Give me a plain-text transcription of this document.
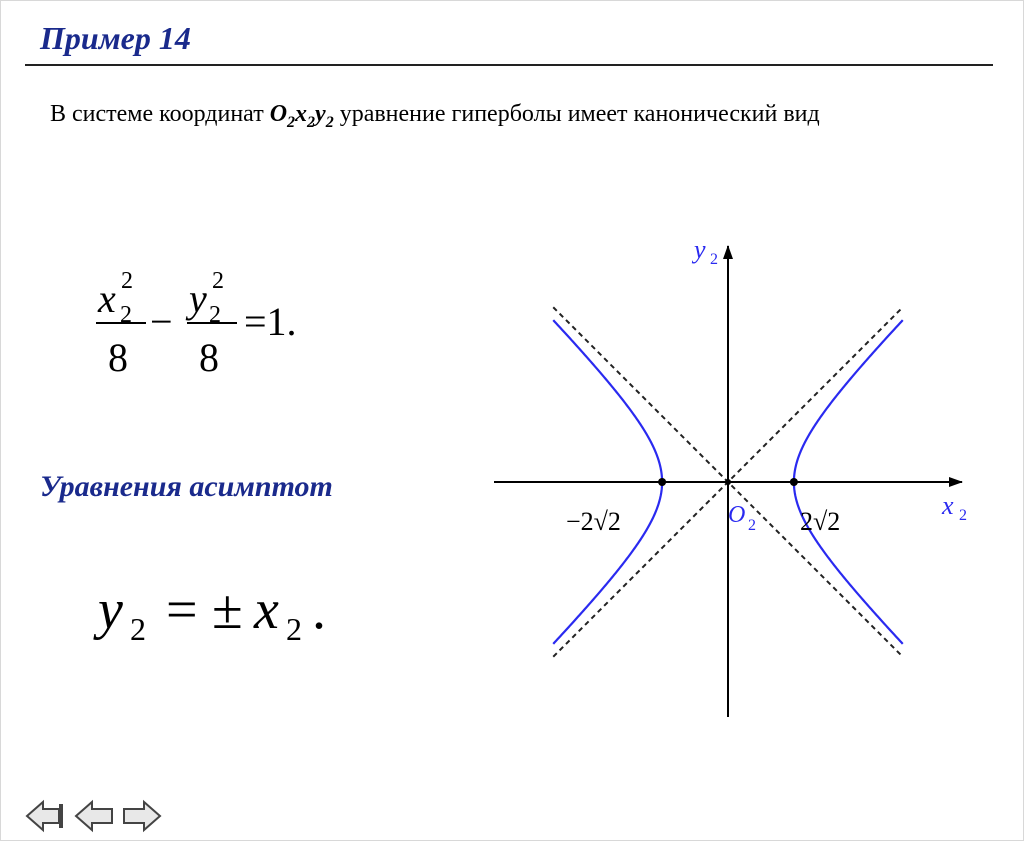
Пример 14
В системе координат $O_2x_2y_2$ уравнение гиперболы имеет канонический вид
x 2
2
8
−
y 2
2
8
=1.
y 2 = ± x 2 .
Уравнения асимптот
y 2
x 2
O 2
−2√2	2√2
